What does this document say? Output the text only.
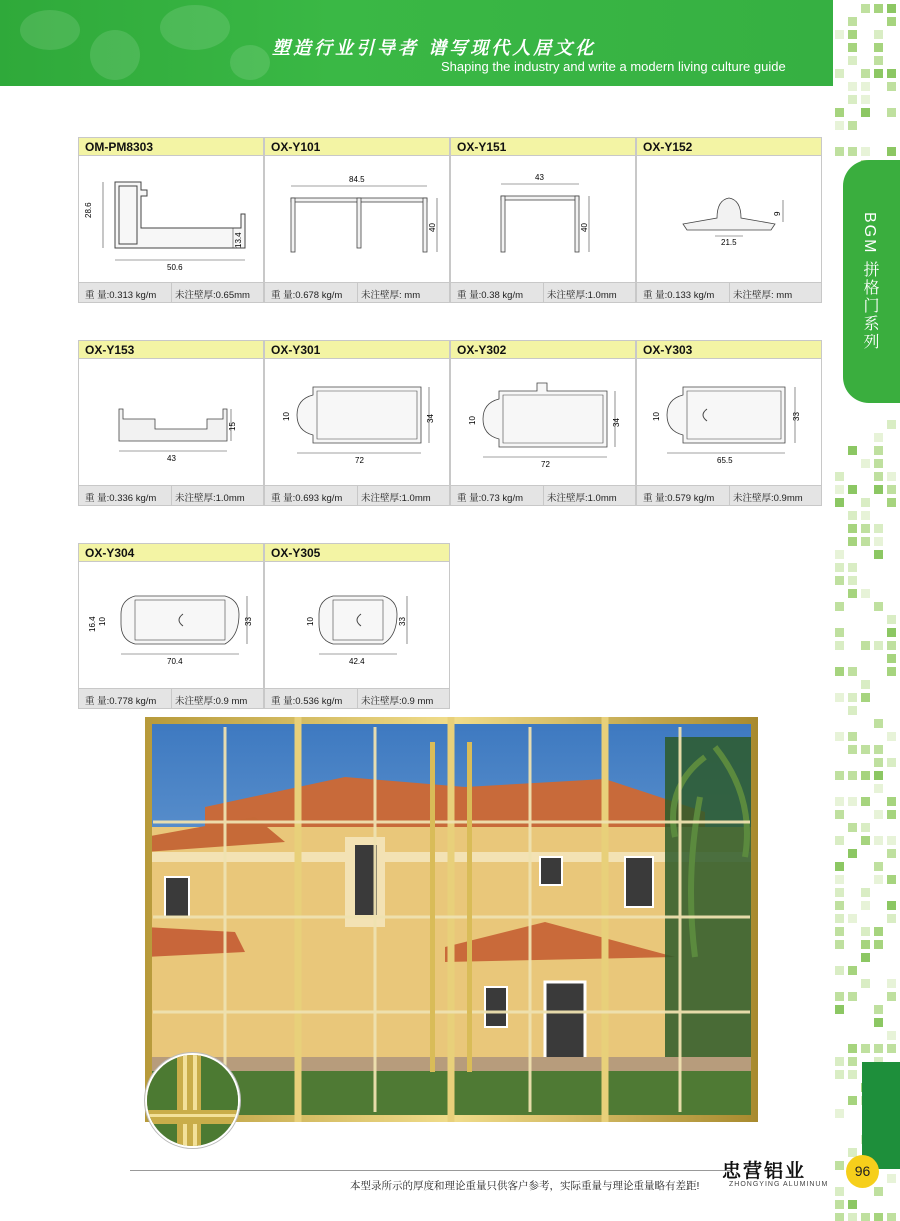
塑造行业引导者 谱写现代人居文化
Shaping the industry and write a modern living culture guide
BGM 拼格门系列
OM-PM8303
28.6
13.4
50.6
重 量:0.313 kg/m 未注壁厚:0.65mm
OX-Y101
84.5
40
重 量:0.678 kg/m 未注壁厚: mm
OX-Y151
43
40
重 量:0.38 kg/m	未注壁厚:1.0mm
OX-Y152
9
21.5
重 量:0.133 kg/m 未注壁厚: mm
OX-Y153
15
43
重 量:0.336 kg/m 未注壁厚:1.0mm
OX-Y301
10	34
72
重 量:0.693 kg/m 未注壁厚:1.0mm
OX-Y302
10	34
72
重 量:0.73 kg/m	未注壁厚:1.0mm
OX-Y303
10	33
65.5
重 量:0.579 kg/m 未注壁厚:0.9mm
OX-Y304
16.4 10	33
70.4
重 量:0.778 kg/m 未注壁厚:0.9 mm
OX-Y305
10	33
42.4
重 量:0.536 kg/m 未注壁厚:0.9 mm
忠营铝业
ZHONGYING ALUMINUM
96
本型录所示的厚度和理论重量只供客户参考，实际重量与理论重量略有差距!
